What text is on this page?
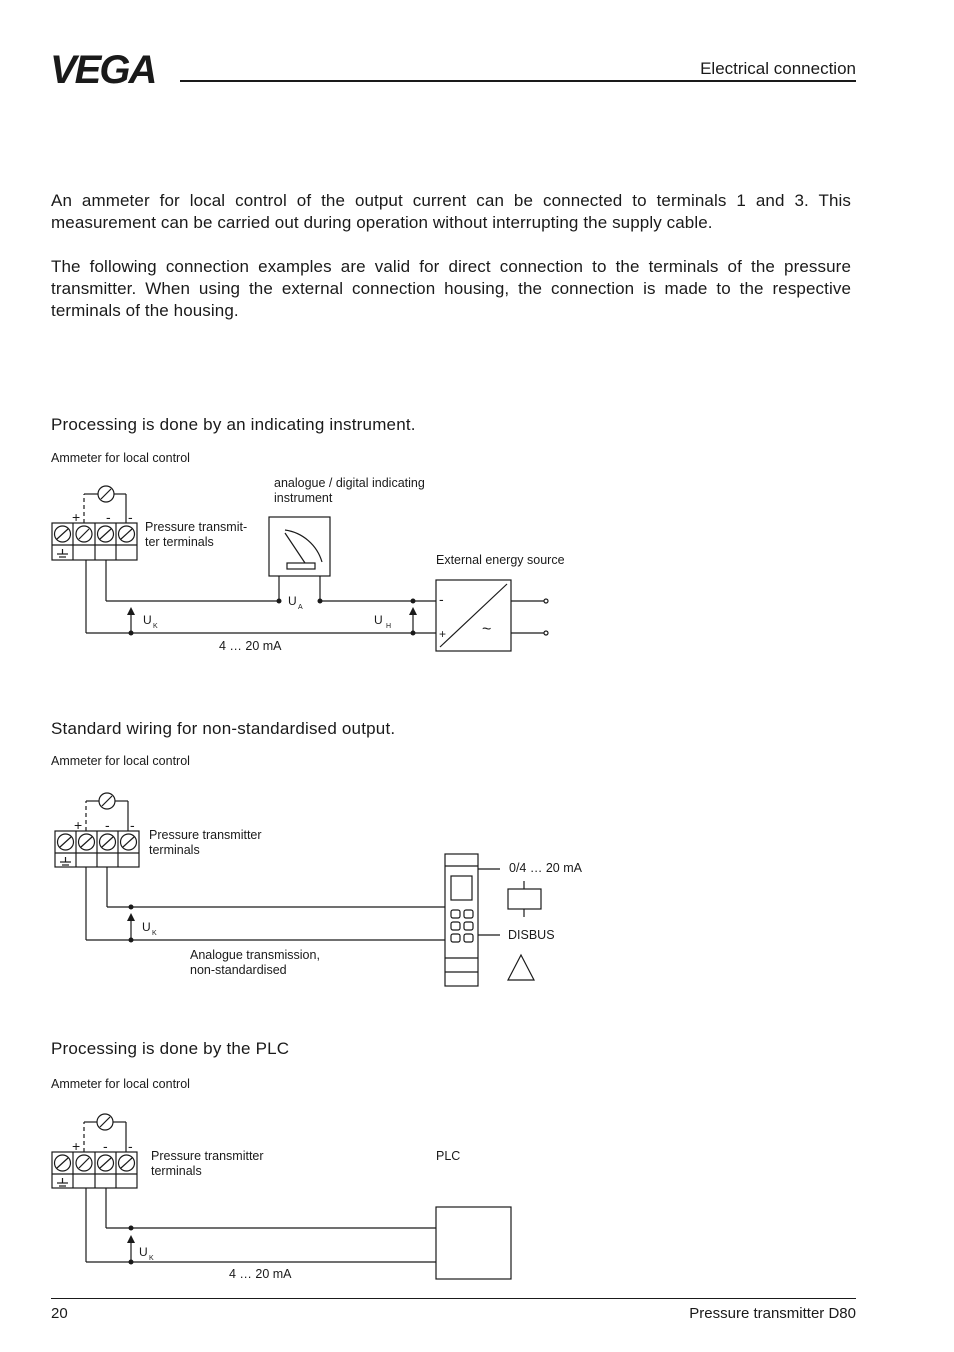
VEGA	Electrical connection
An ammeter for local control of the output current can be connected to terminals 1 and 3. This measurement can be carried out during operation without interrupting the supply cable.
The following connection examples are valid for direct connection to the terminals of the pressure transmitter. When using the external connection housing, the connection is made to the respective terminals of the housing.
Processing is done by an indicating instrument.
Ammeter for local control
analogue / digital indicating
instrument
Pressure transmit-
ter terminals
External energy source
+ - -
U K
U A
U H
4 … 20 mA
-
+ ~
Standard wiring for non-standardised output.
Ammeter for local control
Pressure transmitter
terminals
0/4 … 20 mA
DISBUS
Analogue transmission,
non-standardised
+ - -
U K
Processing is done by the PLC
Ammeter for local control
Pressure transmitter
terminals
PLC
+ - -
U K
4 … 20 mA
20	Pressure transmitter D80
